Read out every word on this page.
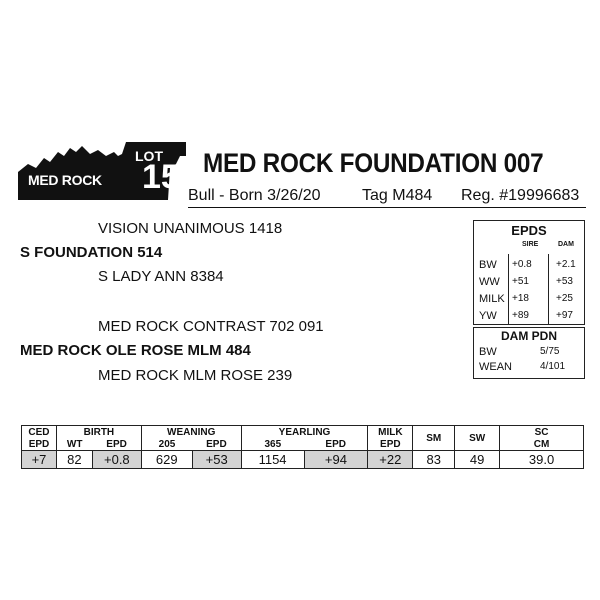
MED ROCK
LOT
15 MED ROCK FOUNDATION 007
Bull - Born 3/26/20	Tag M484 Reg. #19996683
VISION UNANIMOUS 1418
S FOUNDATION 514
S LADY ANN 8384
MED ROCK CONTRAST 702 091
MED ROCK OLE ROSE MLM 484
MED ROCK MLM ROSE 239
EPDS
SIRE	DAM
BW +0.8 +2.1
WW +51	+53
MILK +18	+25
YW +89	+97
DAM PDN
BW	5/75
WEAN	4/101
CED	BIRTH		WEANING		YEARLING		MILK	SM	SW	SC
EPD	WT	EPD	205	EPD	365	EPD	EPD			CM
+7	82	+0.8	629	+53	1154	+94	+22	83	49	39.0
